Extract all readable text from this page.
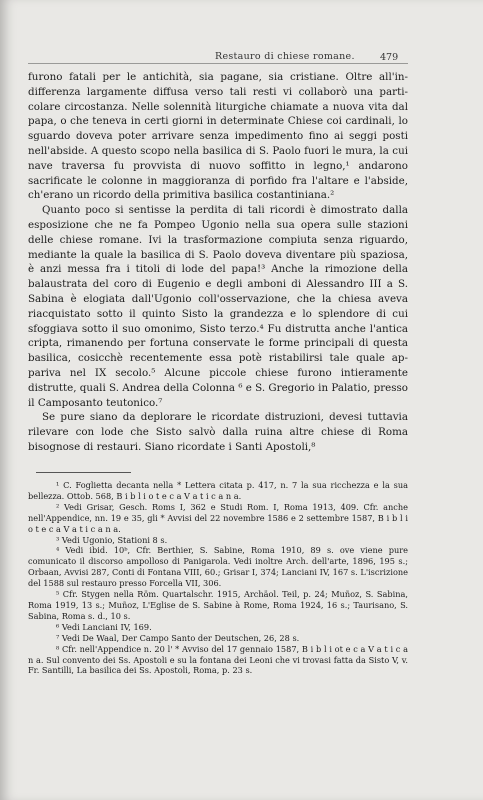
Restauro di chiese romane.	479

furono fatali per le antichità, sia pagane, sia cristiane. Oltre all'indifferenza largamente diffusa verso tali resti vi collaborò una particolare circostanza. Nelle solennità liturgiche chiamate a nuova vita dal papa, o che teneva in certi giorni in determinate Chiese coi cardinali, lo sguardo doveva poter arrivare senza impedimento fino ai seggi posti nell'abside. A questo scopo nella basilica di S. Paolo fuori le mura, la cui nave traversa fu provvista di nuovo soffitto in legno,¹ andarono sacrificate le colonne in maggioranza di porfido fra l'altare e l'abside, ch'erano un ricordo della primitiva basilica costantiniana.²

Quanto poco si sentisse la perdita di tali ricordi è dimostrato dalla esposizione che ne fa Pompeo Ugonio nella sua opera sulle stazioni delle chiese romane. Ivi la trasformazione compiuta senza riguardo, mediante la quale la basilica di S. Paolo doveva diventare più spaziosa, è anzi messa fra i titoli di lode del papa!³ Anche la rimozione della balaustrata del coro di Eugenio e degli amboni di Alessandro III a S. Sabina è elogiata dall'Ugonio coll'osservazione, che la chiesa aveva riacquistato sotto il quinto Sisto la grandezza e lo splendore di cui sfoggiava sotto il suo omonimo, Sisto terzo.⁴ Fu distrutta anche l'antica cripta, rimanendo per fortuna conservate le forme principali di questa basilica, cosicchè recentemente essa potè ristabilirsi tale quale appariva nel IX secolo.⁵ Alcune piccole chiese furono intieramente distrutte, quali S. Andrea della Colonna ⁶ e S. Gregorio in Palatio, presso il Camposanto teutonico.⁷

Se pure siano da deplorare le ricordate distruzioni, devesi tuttavia rilevare con lode che Sisto salvò dalla ruina altre chiese di Roma bisognose di restauri. Siano ricordate i Santi Apostoli,⁸

¹ C. Foglietta decanta nella * Lettera citata p. 417, n. 7 la sua ricchezza e la sua bellezza. Ottob. 568, B i b l i o t e c a V a t i c a n a.

² Vedi Grisar, Gesch. Roms I, 362 e Studi Rom. I, Roma 1913, 409. Cfr. anche nell'Appendice, nn. 19 e 35, gli * Avvisi del 22 novembre 1586 e 2 settembre 1587, B i b l i o t e c a V a t i c a n a.

³ Vedi Ugonio, Stationi 8 s.

⁴ Vedi ibid. 10ᵇ, Cfr. Berthier, S. Sabine, Roma 1910, 89 s. ove viene pure comunicato il discorso ampolloso di Panigarola. Vedi inoltre Arch. dell'arte, 1896, 195 s.; Orbaan, Avvisi 287, Conti di Fontana VIII, 60.; Grisar I, 374; Lanciani IV, 167 s. L'iscrizione del 1588 sul restauro presso Forcella VII, 306.

⁵ Cfr. Stygen nella Röm. Quartalschr. 1915, Archäol. Teil, p. 24; Muñoz, S. Sabina, Roma 1919, 13 s.; Muñoz, L'Eglise de S. Sabine à Rome, Roma 1924, 16 s.; Taurisano, S. Sabina, Roma s. d., 10 s.

⁶ Vedi Lanciani IV, 169.

⁷ Vedi De Waal, Der Campo Santo der Deutschen, 26, 28 s.

⁸ Cfr. nell'Appendice n. 20 l' * Avviso del 17 gennaio 1587, B i b l i ot e c a V a t i c a n a. Sul convento dei Ss. Apostoli e su la fontana dei Leoni che vi trovasi fatta da Sisto V, v. Fr. Santilli, La basilica dei Ss. Apostoli, Roma, p. 23 s.
